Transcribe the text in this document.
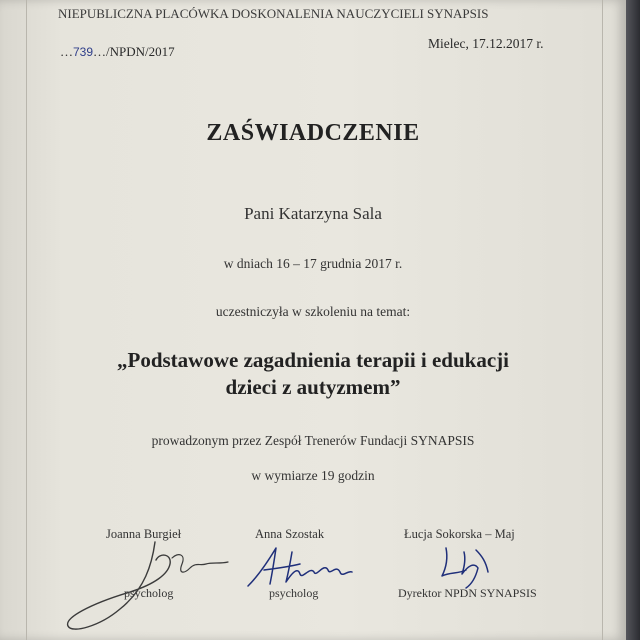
NIEPUBLICZNA PLACÓWKA DOSKONALENIA NAUCZYCIELI SYNAPSIS
…739…/NPDN/2017
Mielec, 17.12.2017 r.
ZAŚWIADCZENIE
Pani Katarzyna Sala
w dniach 16 – 17 grudnia 2017 r.
uczestniczyła w szkoleniu na temat:
„Podstawowe zagadnienia terapii i edukacji
dzieci z autyzmem”
prowadzonym przez Zespół Trenerów Fundacji SYNAPSIS
w wymiarze 19 godzin
Joanna Burgieł	Anna Szostak	Łucja Sokorska – Maj
psycholog	psycholog	Dyrektor NPDN SYNAPSIS
